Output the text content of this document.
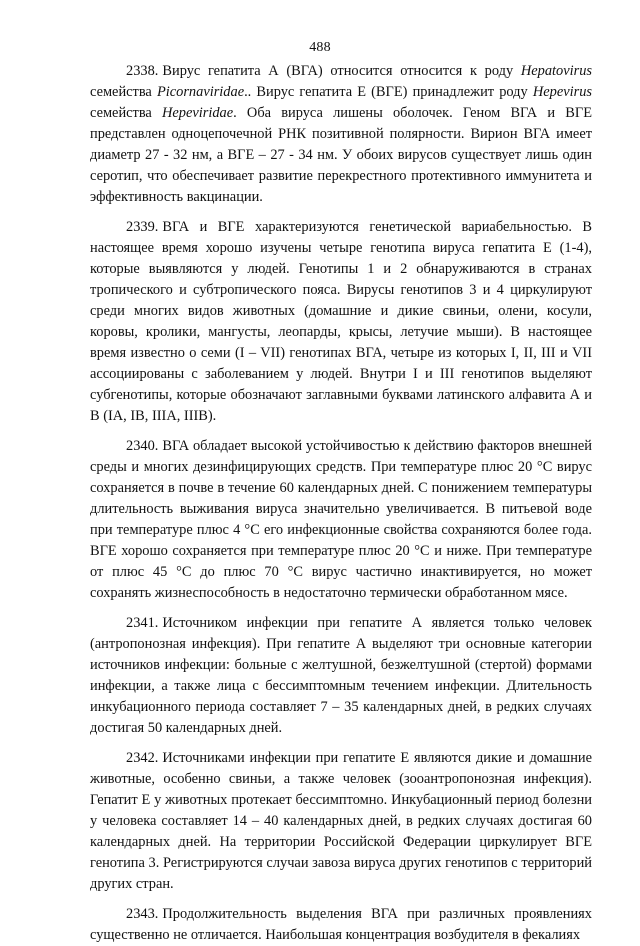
488

2338. Вирус гепатита А (ВГА) относится относится к роду Hepatovirus семейства Picornaviridae.. Вирус гепатита Е (ВГЕ) принадлежит роду Hepevirus семейства Hepeviridae. Оба вируса лишены оболочек. Геном ВГА и ВГЕ представлен одноцепочечной РНК позитивной полярности. Вирион ВГА имеет диаметр 27 - 32 нм, а ВГЕ – 27 - 34 нм. У обоих вирусов существует лишь один серотип, что обеспечивает развитие перекрестного протективного иммунитета и эффективность вакцинации.

2339. ВГА и ВГЕ характеризуются генетической вариабельностью. В настоящее время хорошо изучены четыре генотипа вируса гепатита Е (1-4), которые выявляются у людей. Генотипы 1 и 2 обнаруживаются в странах тропического и субтропического пояса. Вирусы генотипов 3 и 4 циркулируют среди многих видов животных (домашние и дикие свиньи, олени, косули, коровы, кролики, мангусты, леопарды, крысы, летучие мыши). В настоящее время известно о семи (I – VII) генотипах ВГА, четыре из которых I, II, III и VII ассоциированы с заболеванием у людей. Внутри I и III генотипов выделяют субгенотипы, которые обозначают заглавными буквами латинского алфавита А и В (IA, IB, IIIA, IIIB).

2340. ВГА обладает высокой устойчивостью к действию факторов внешней среды и многих дезинфицирующих средств. При температуре плюс 20 °С вирус сохраняется в почве в течение 60 календарных дней. С понижением температуры длительность выживания вируса значительно увеличивается. В питьевой воде при температуре плюс 4 °С его инфекционные свойства сохраняются более года. ВГЕ хорошо сохраняется при температуре плюс 20 °С и ниже. При температуре от плюс 45 °С до плюс 70 °С вирус частично инактивируется, но может сохранять жизнеспособность в недостаточно термически обработанном мясе.

2341. Источником инфекции при гепатите А является только человек (антропонозная инфекция). При гепатите А выделяют три основные категории источников инфекции: больные с желтушной, безжелтушной (стертой) формами инфекции, а также лица с бессимптомным течением инфекции. Длительность инкубационного периода составляет 7 – 35 календарных дней, в редких случаях достигая 50 календарных дней.

2342. Источниками инфекции при гепатите Е являются дикие и домашние животные, особенно свиньи, а также человек (зооантропонозная инфекция). Гепатит Е у животных протекает бессимптомно. Инкубационный период болезни у человека составляет 14 – 40 календарных дней, в редких случаях достигая 60 календарных дней. На территории Российской Федерации циркулирует ВГЕ генотипа 3. Регистрируются случаи завоза вируса других генотипов с территорий других стран.

2343. Продолжительность выделения ВГА при различных проявлениях существенно не отличается. Наибольшая концентрация возбудителя в фекалиях
